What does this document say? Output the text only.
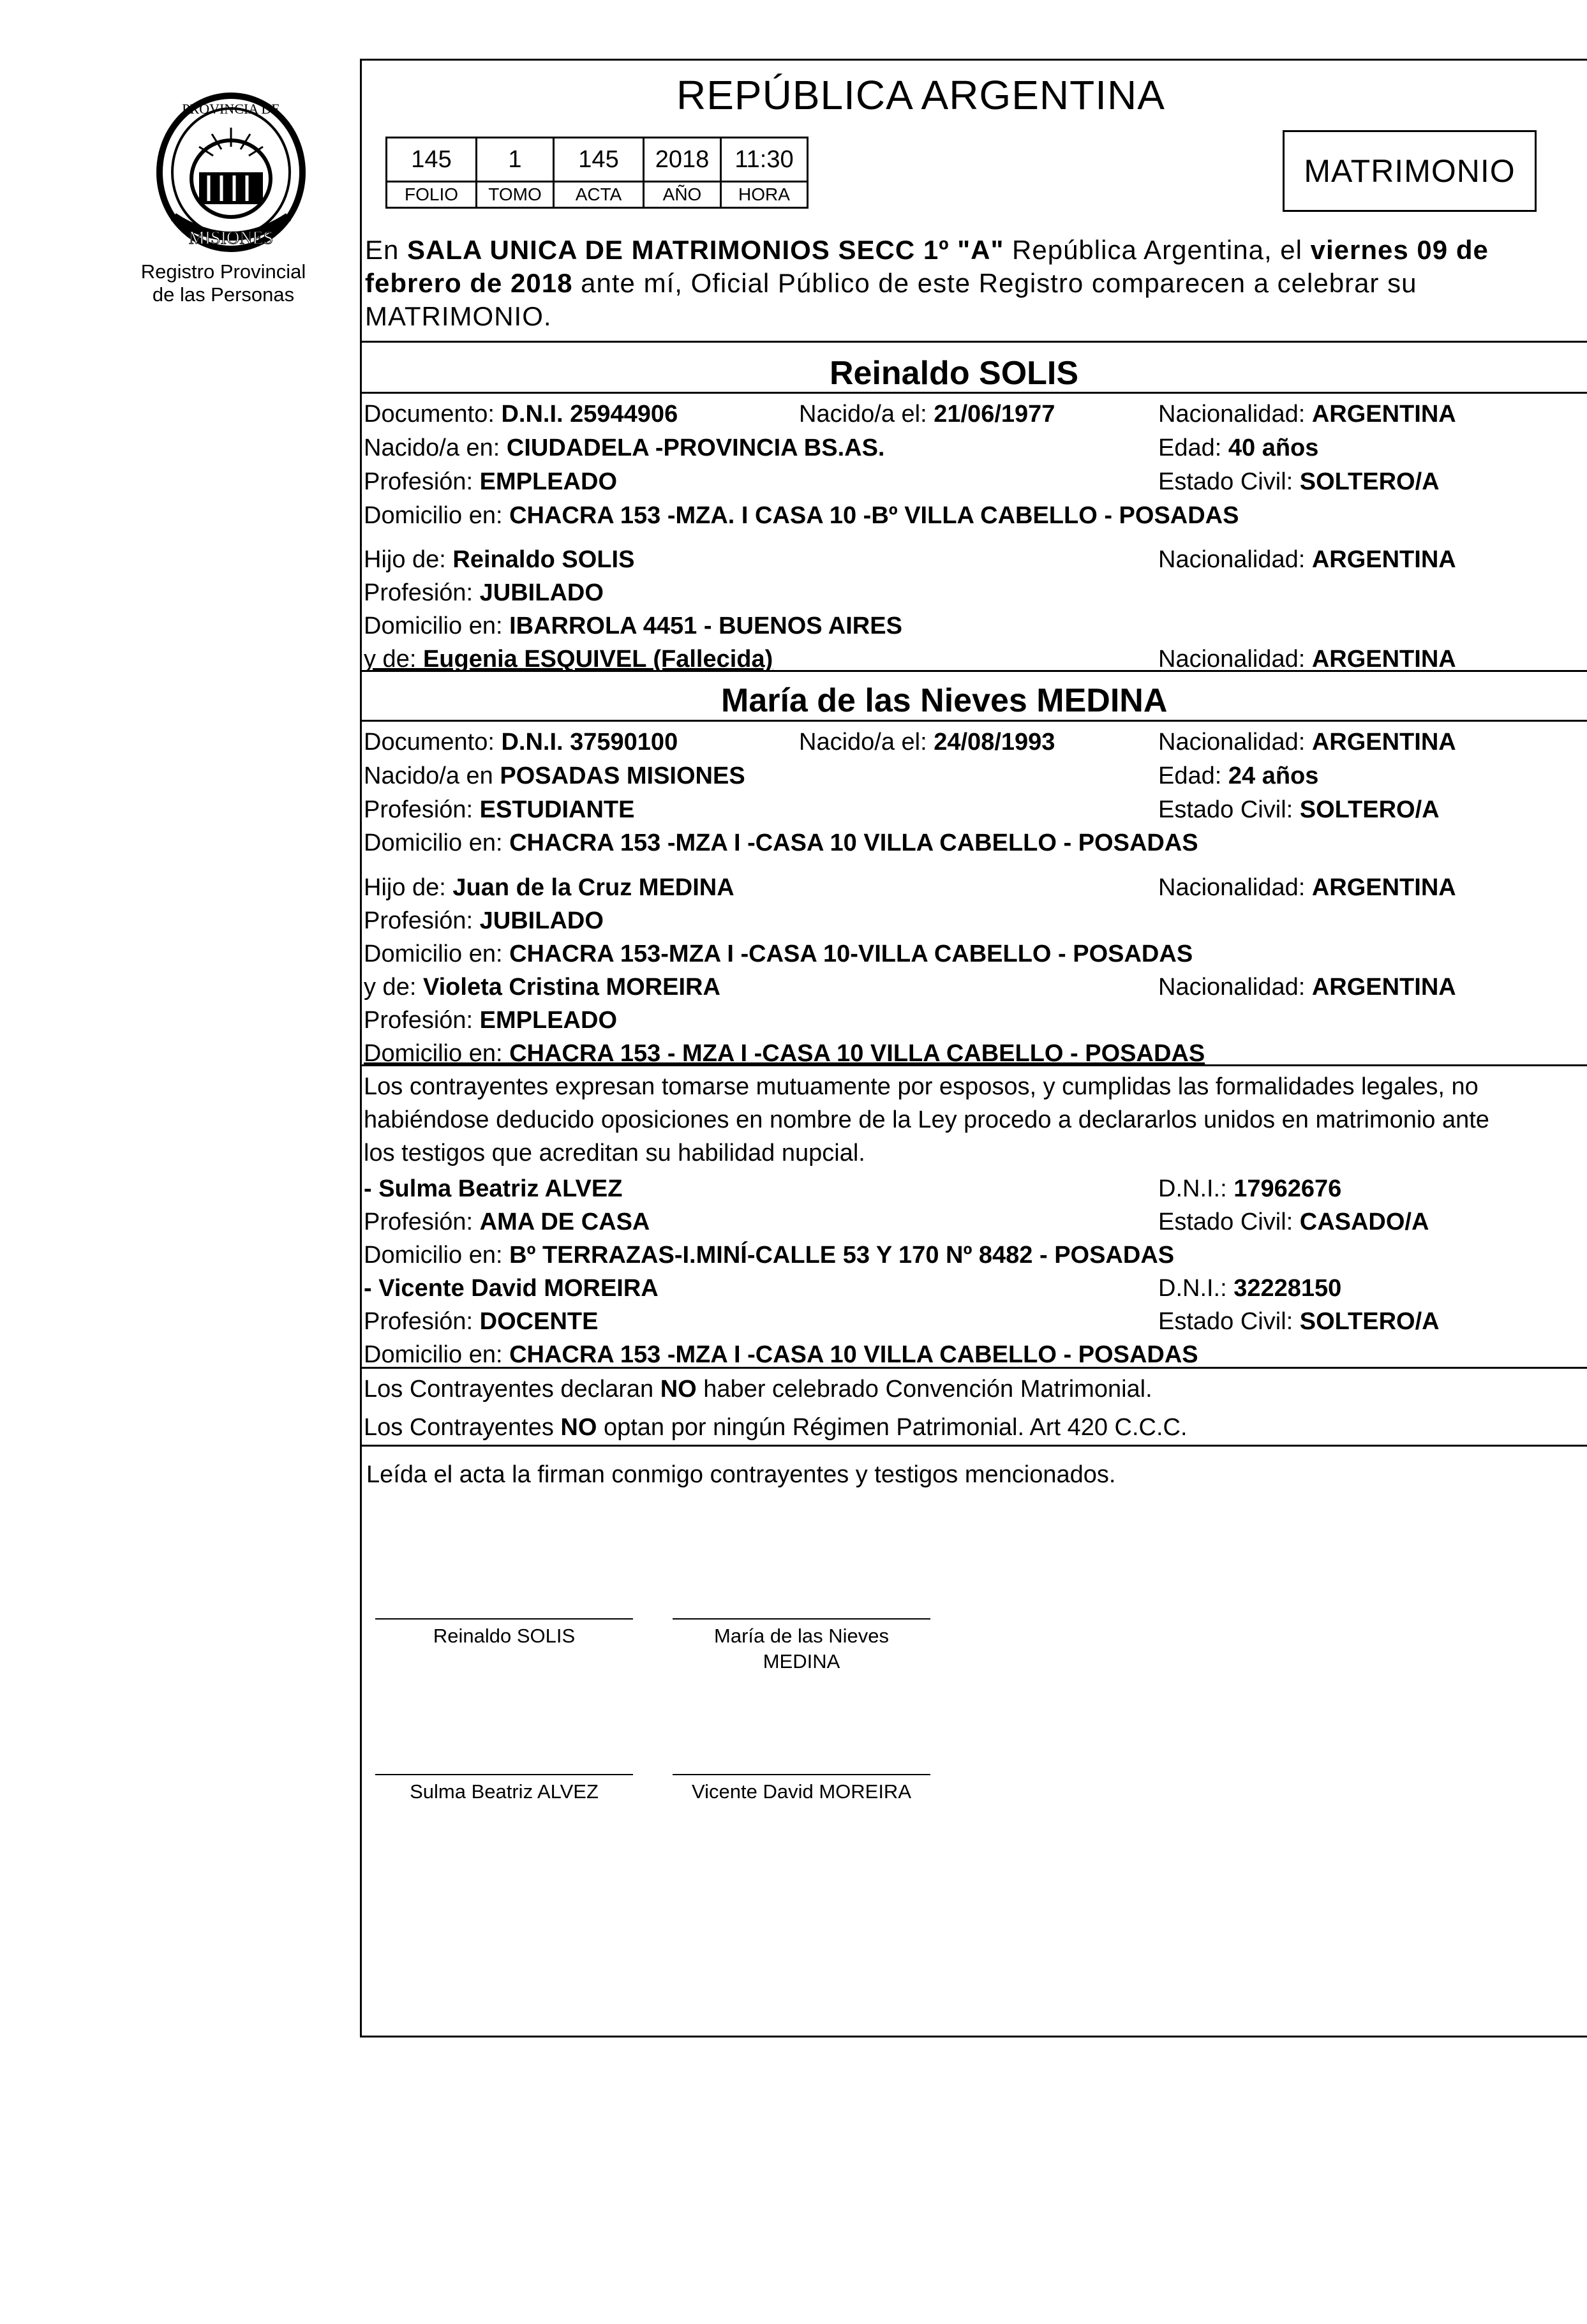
PROVINCIA DE
MISIONES
Registro Provincial
de las Personas
REPÚBLICA ARGENTINA
145	1	145	2018	11:30
FOLIO	TOMO	ACTA	AÑO	HORA
MATRIMONIO
En SALA UNICA DE MATRIMONIOS SECC 1º "A" República Argentina, el viernes 09 de
febrero de 2018 ante mí, Oficial Público de este Registro comparecen a celebrar su
MATRIMONIO.
Reinaldo SOLIS
Documento: D.N.I. 25944906	Nacido/a el: 21/06/1977	Nacionalidad: ARGENTINA
Nacido/a en: CIUDADELA -PROVINCIA BS.AS.	Edad: 40 años
Profesión: EMPLEADO	Estado Civil: SOLTERO/A
Domicilio en: CHACRA 153 -MZA. I CASA 10 -Bº VILLA CABELLO - POSADAS
Hijo de: Reinaldo SOLIS	Nacionalidad: ARGENTINA
Profesión: JUBILADO
Domicilio en: IBARROLA 4451 - BUENOS AIRES
y de: Eugenia ESQUIVEL (Fallecida)	Nacionalidad: ARGENTINA
María de las Nieves MEDINA
Documento: D.N.I. 37590100	Nacido/a el: 24/08/1993	Nacionalidad: ARGENTINA
Nacido/a en POSADAS MISIONES	Edad: 24 años
Profesión: ESTUDIANTE	Estado Civil: SOLTERO/A
Domicilio en: CHACRA 153 -MZA I -CASA 10 VILLA CABELLO - POSADAS
Hijo de: Juan de la Cruz MEDINA	Nacionalidad: ARGENTINA
Profesión: JUBILADO
Domicilio en: CHACRA 153-MZA I -CASA 10-VILLA CABELLO - POSADAS
y de: Violeta Cristina MOREIRA	Nacionalidad: ARGENTINA
Profesión: EMPLEADO
Domicilio en: CHACRA 153 - MZA I -CASA 10 VILLA CABELLO - POSADAS
Los contrayentes expresan tomarse mutuamente por esposos, y cumplidas las formalidades legales, no
habiéndose deducido oposiciones en nombre de la Ley procedo a declararlos unidos en matrimonio ante
los testigos que acreditan su habilidad nupcial.
- Sulma Beatriz ALVEZ	D.N.I.: 17962676
Profesión: AMA DE CASA	Estado Civil: CASADO/A
Domicilio en: Bº TERRAZAS-I.MINÍ-CALLE 53 Y 170 Nº 8482 - POSADAS
- Vicente David MOREIRA	D.N.I.: 32228150
Profesión: DOCENTE	Estado Civil: SOLTERO/A
Domicilio en: CHACRA 153 -MZA I -CASA 10 VILLA CABELLO - POSADAS
Los Contrayentes declaran NO haber celebrado Convención Matrimonial.
Los Contrayentes NO optan por ningún Régimen Patrimonial. Art 420 C.C.C.
Leída el acta la firman conmigo contrayentes y testigos mencionados.
Reinaldo SOLIS	María de las Nieves
MEDINA
Sulma Beatriz ALVEZ	Vicente David MOREIRA
